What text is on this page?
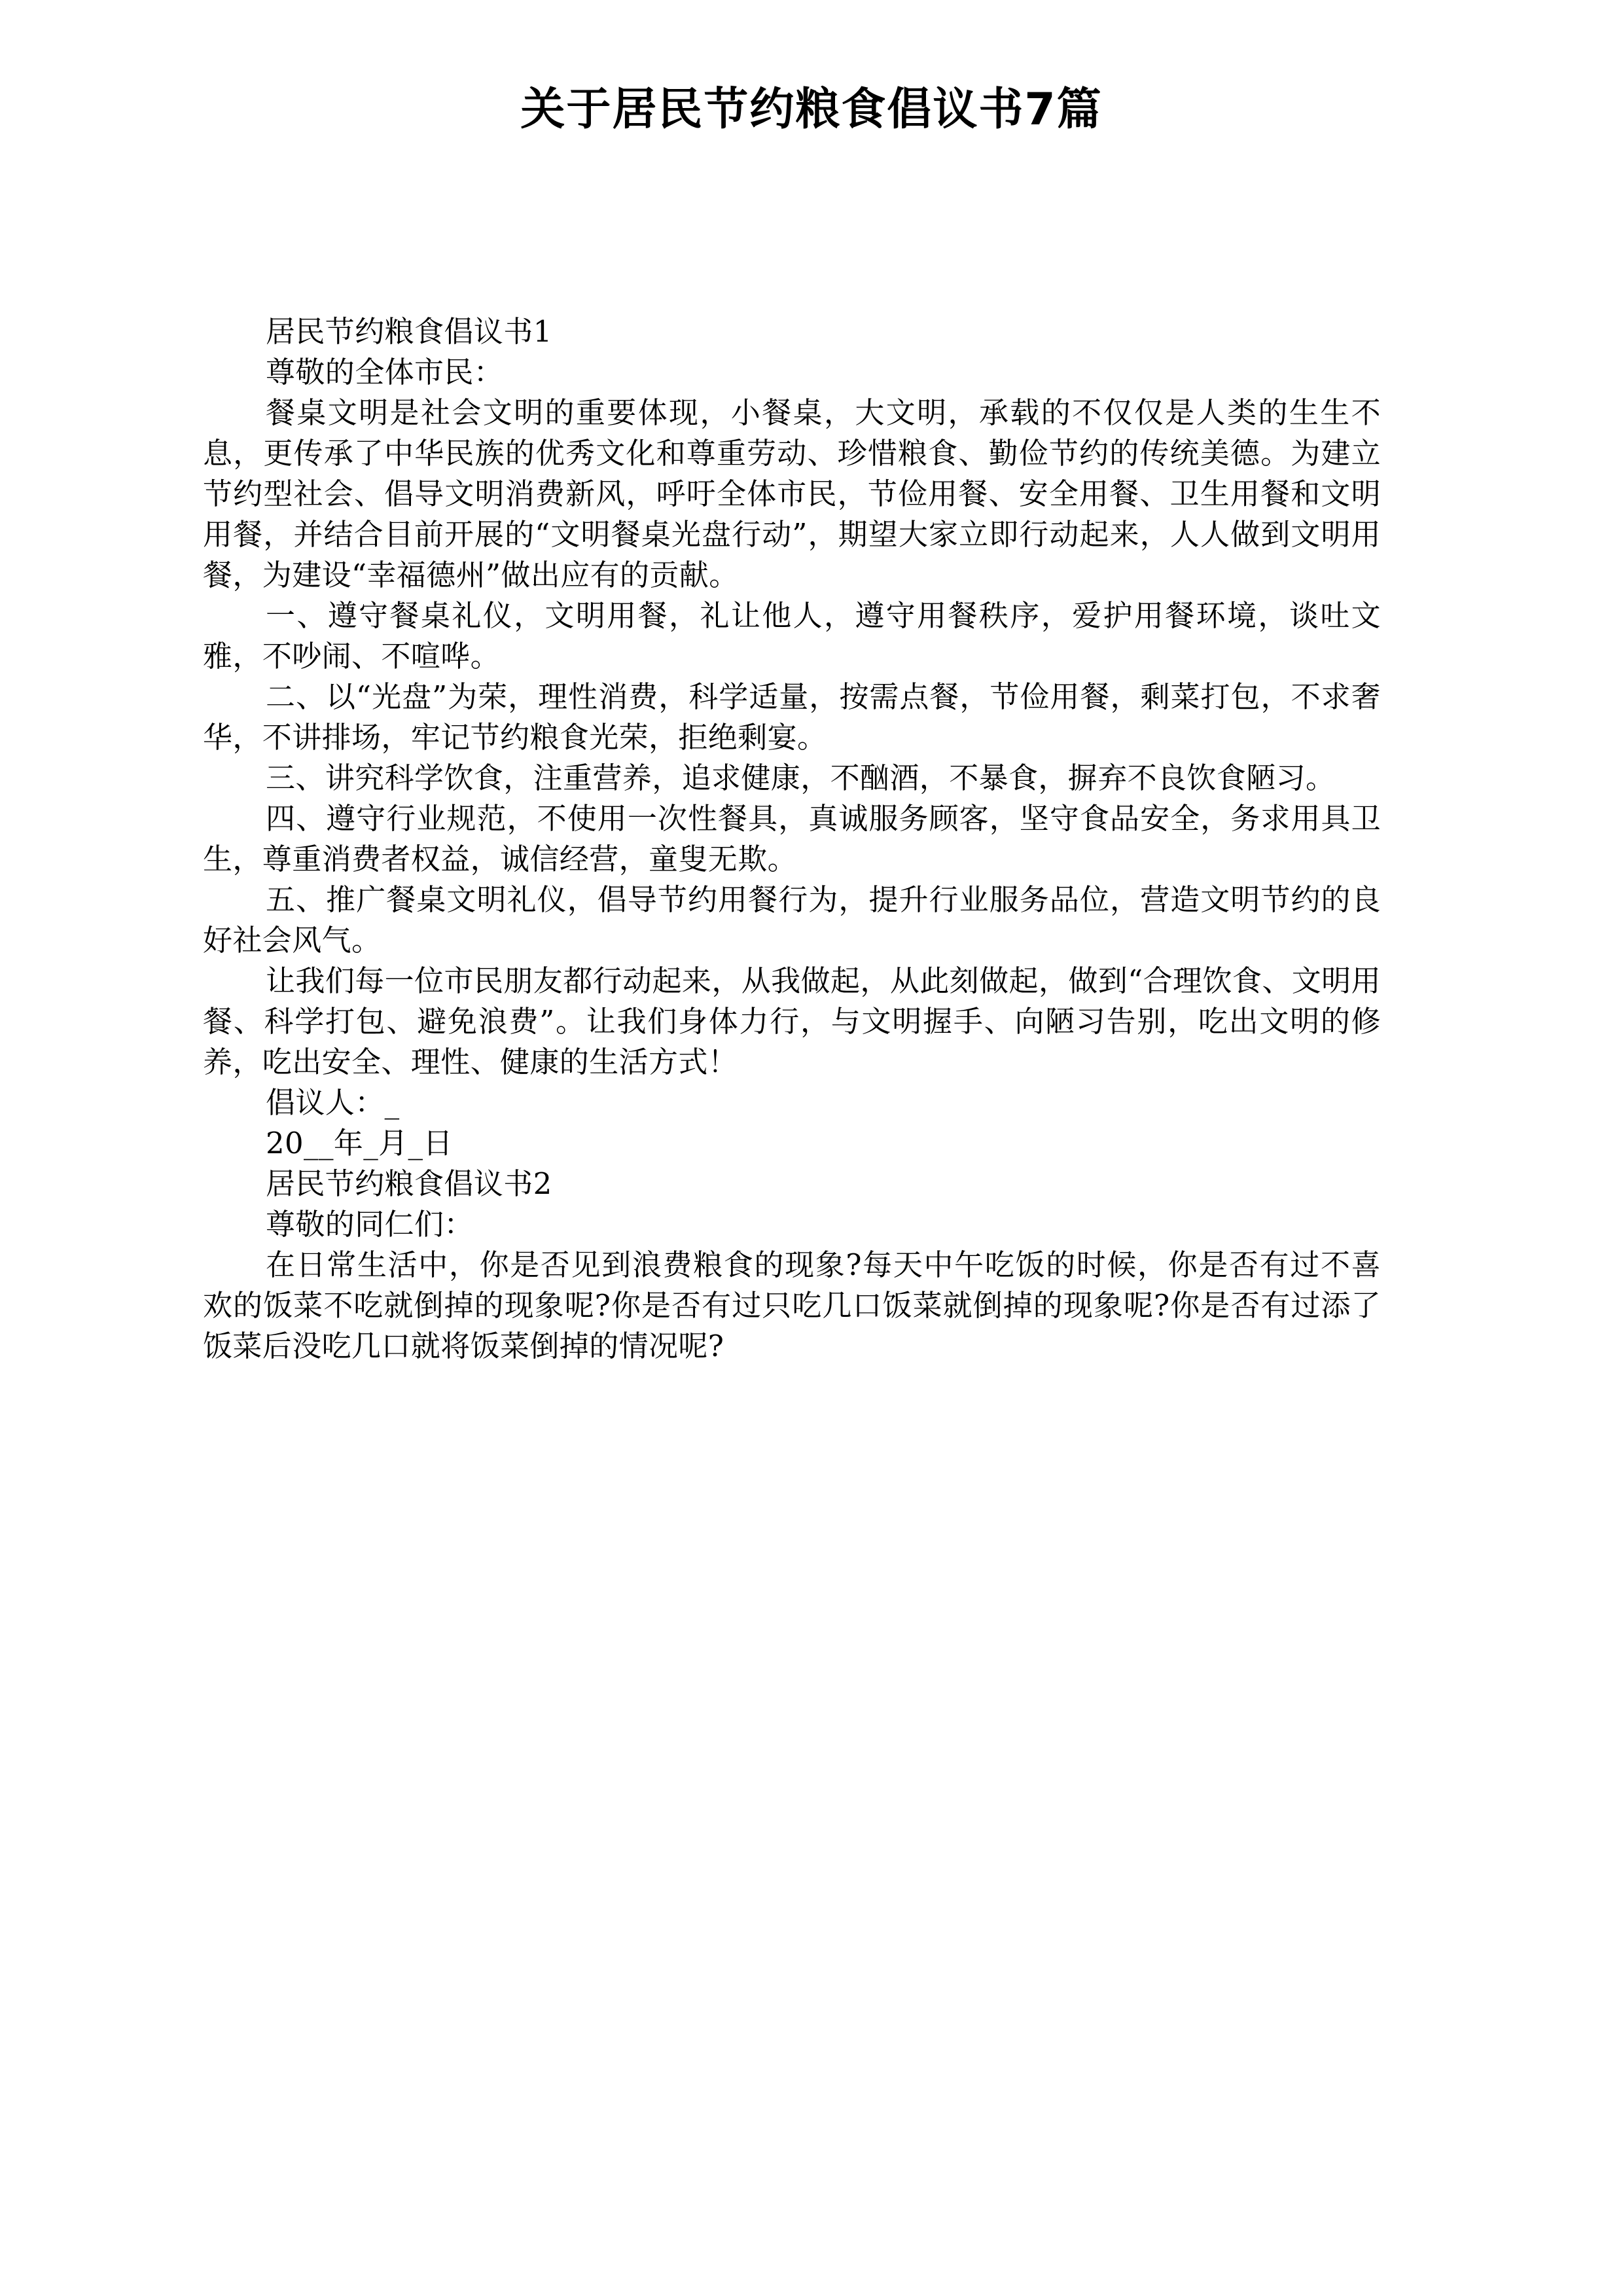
关于居民节约粮食倡议书7篇
居民节约粮食倡议书1
尊敬的全体市民：
餐桌文明是社会文明的重要体现，小餐桌，大文明，承载的不仅仅是人类的生生不息，更传承了中华民族的优秀文化和尊重劳动、珍惜粮食、勤俭节约的传统美德。为建立节约型社会、倡导文明消费新风，呼吁全体市民，节俭用餐、安全用餐、卫生用餐和文明用餐，并结合目前开展的“文明餐桌光盘行动”，期望大家立即行动起来，人人做到文明用餐，为建设“幸福德州”做出应有的贡献。
一、遵守餐桌礼仪，文明用餐，礼让他人，遵守用餐秩序，爱护用餐环境，谈吐文雅，不吵闹、不喧哗。
二、以“光盘”为荣，理性消费，科学适量，按需点餐，节俭用餐，剩菜打包，不求奢华，不讲排场，牢记节约粮食光荣，拒绝剩宴。
三、讲究科学饮食，注重营养，追求健康，不酗酒，不暴食，摒弃不良饮食陋习。
四、遵守行业规范，不使用一次性餐具，真诚服务顾客，坚守食品安全，务求用具卫生，尊重消费者权益，诚信经营，童叟无欺。
五、推广餐桌文明礼仪，倡导节约用餐行为，提升行业服务品位，营造文明节约的良好社会风气。
让我们每一位市民朋友都行动起来，从我做起，从此刻做起，做到“合理饮食、文明用餐、科学打包、避免浪费”。让我们身体力行，与文明握手、向陋习告别，吃出文明的修养，吃出安全、理性、健康的生活方式！
倡议人：_
20__年_月_日
居民节约粮食倡议书2
尊敬的同仁们：
在日常生活中，你是否见到浪费粮食的现象?每天中午吃饭的时候，你是否有过不喜欢的饭菜不吃就倒掉的现象呢?你是否有过只吃几口饭菜就倒掉的现象呢?你是否有过添了饭菜后没吃几口就将饭菜倒掉的情况呢?
